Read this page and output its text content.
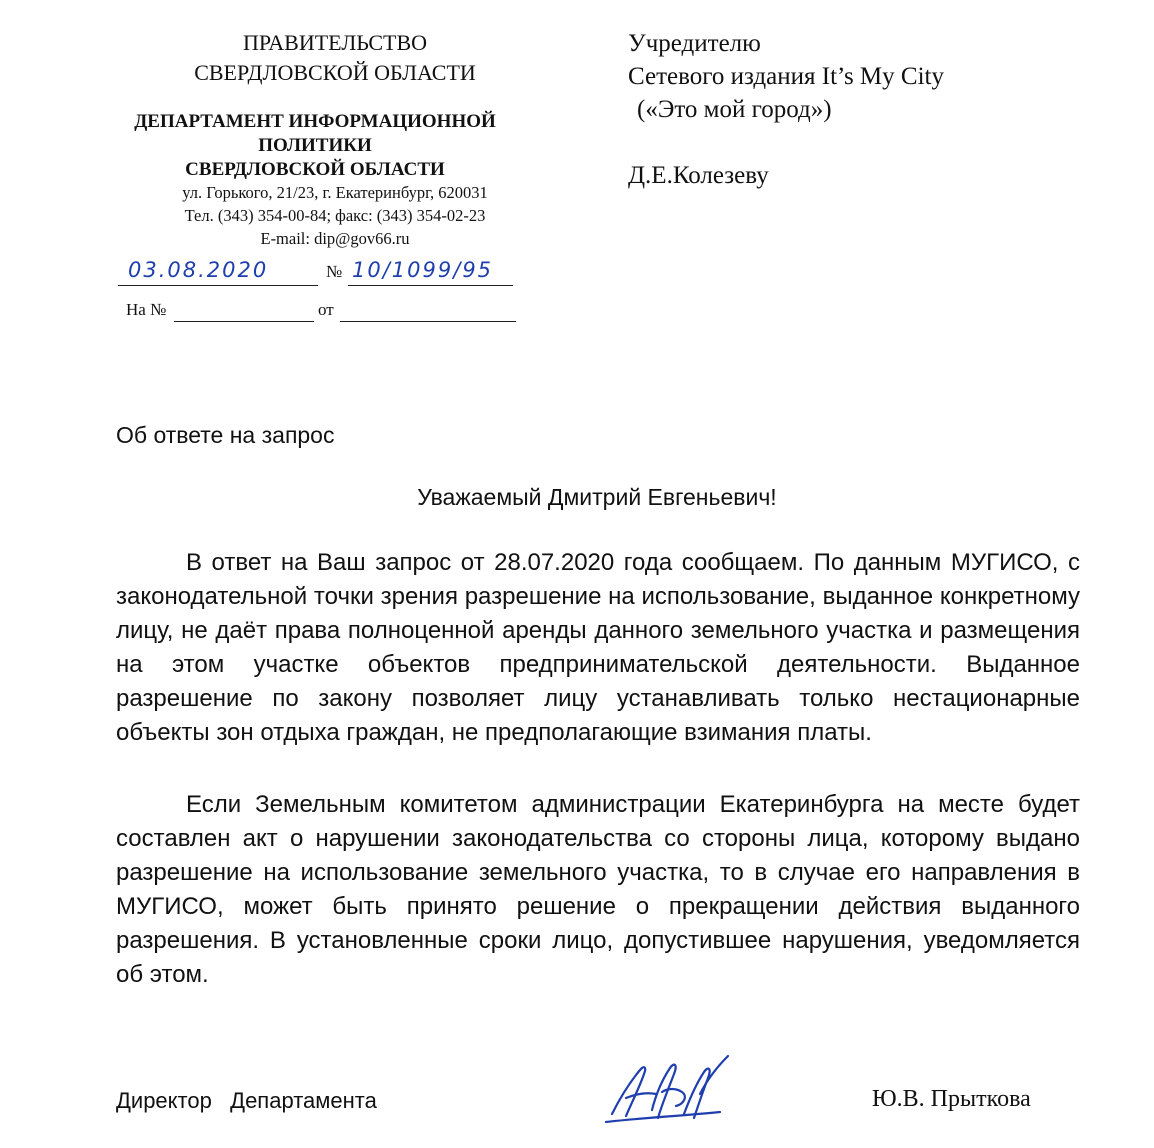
ПРАВИТЕЛЬСТВО
СВЕРДЛОВСКОЙ ОБЛАСТИ
ДЕПАРТАМЕНТ ИНФОРМАЦИОННОЙ
ПОЛИТИКИ
СВЕРДЛОВСКОЙ ОБЛАСТИ
ул. Горького, 21/23, г. Екатеринбург, 620031
Тел. (343) 354-00-84; факс: (343) 354-02-23
E-mail: dip@gov66.ru
03.08.2020	№ 10/1099/95
На №	от
Учредителю
Сетевого издания It’s My City
(«Это мой город»)
Д.Е.Колезеву
Об ответе на запрос
Уважаемый Дмитрий Евгеньевич!

В ответ на Ваш запрос от 28.07.2020 года сообщаем. По данным МУГИСО, с законодательной точки зрения разрешение на использование, выданное конкретному лицу, не даёт права полноценной аренды данного земельного участка и размещения на этом участке объектов предпринимательской деятельности. Выданное разрешение по закону позволяет лицу устанавливать только нестационарные объекты зон отдыха граждан, не предполагающие взимания платы.

Если Земельным комитетом администрации Екатеринбурга на месте будет составлен акт о нарушении законодательства со стороны лица, которому выдано разрешение на использование земельного участка, то в случае его направления в МУГИСО, может быть принято решение о прекращении действия выданного разрешения. В установленные сроки лицо, допустившее нарушения, уведомляется об этом.

Директор   Департамента	Ю.В. Прыткова
